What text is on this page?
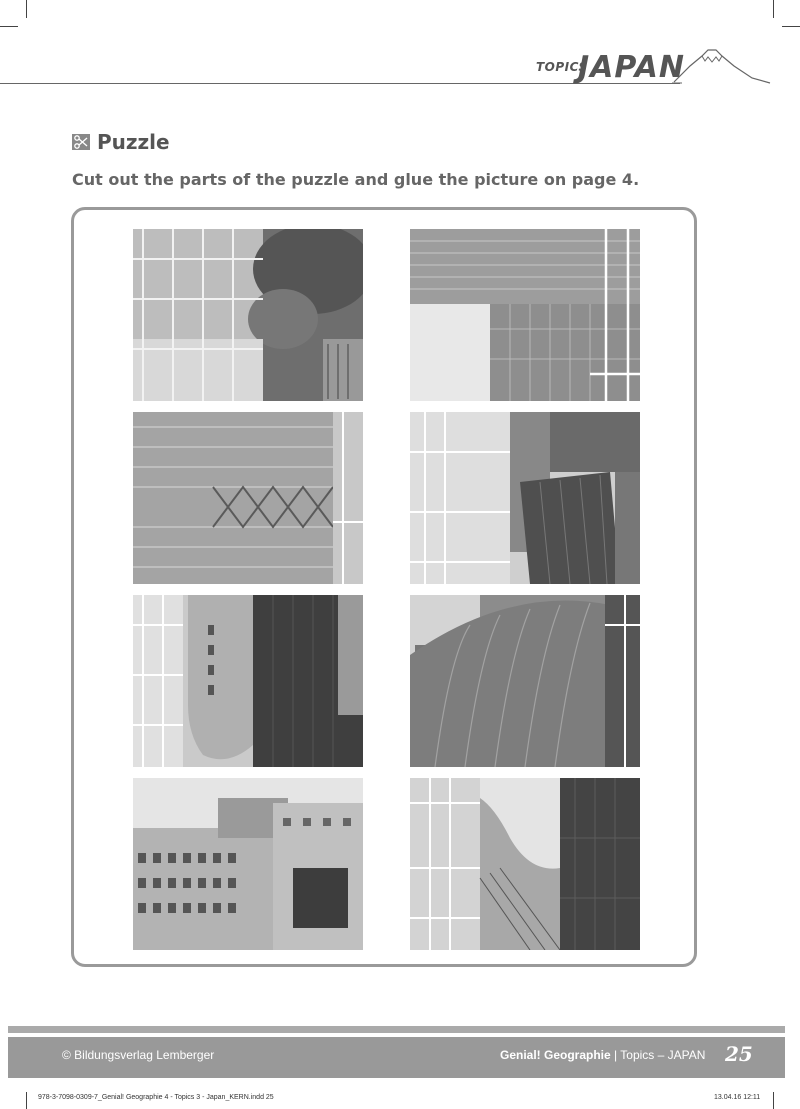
TOPICS
JAPAN
Puzzle
Cut out the parts of the puzzle and glue the picture on page 4.
© Bildungsverlag Lemberger	Genial! Geographie | Topics – JAPAN 25
978-3-7098-0309-7_Genial! Geographie 4 - Topics 3 - Japan_KERN.indd 25	13.04.16 12:11
